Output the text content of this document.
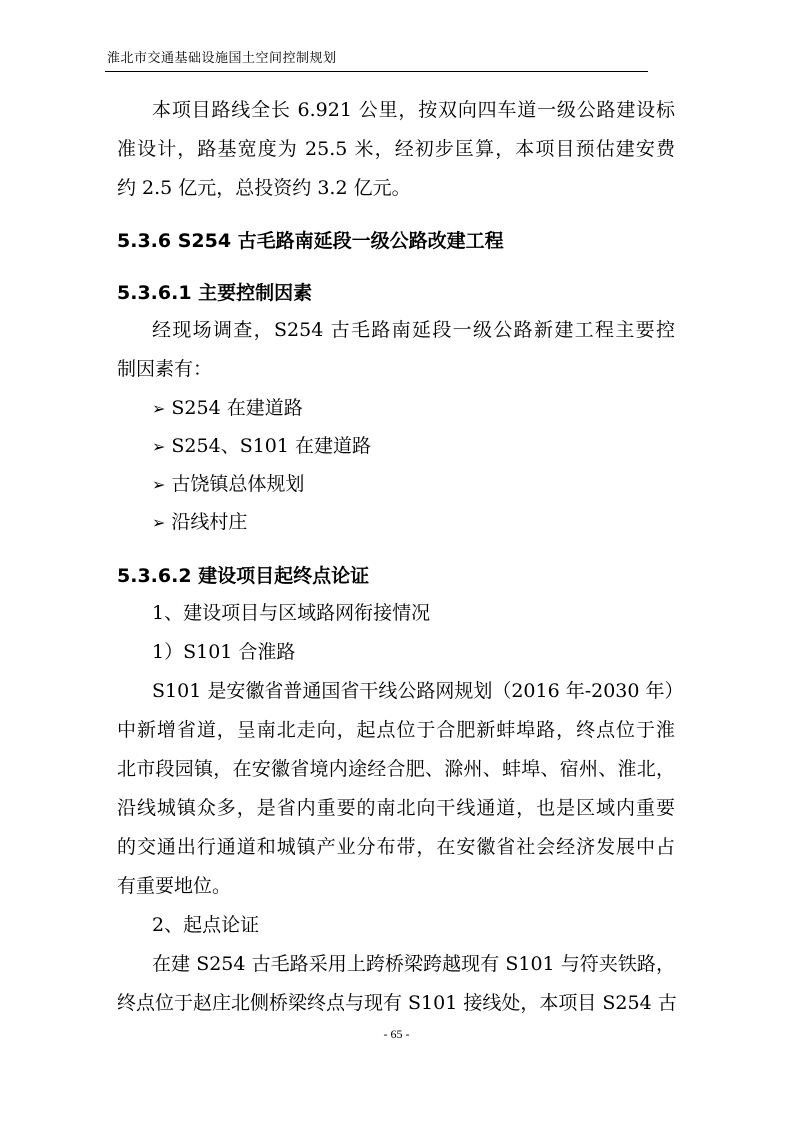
淮北市交通基础设施国土空间控制规划
本项目路线全长 6.921 公里，按双向四车道一级公路建设标
准设计，路基宽度为 25.5 米，经初步匡算，本项目预估建安费
约 2.5 亿元，总投资约 3.2 亿元。
5.3.6 S254 古毛路南延段一级公路改建工程
5.3.6.1 主要控制因素
经现场调查，S254 古毛路南延段一级公路新建工程主要控
制因素有：
➢ S254 在建道路
➢ S254、S101 在建道路
➢ 古饶镇总体规划
➢ 沿线村庄
5.3.6.2 建设项目起终点论证
1、建设项目与区域路网衔接情况
1）S101 合淮路
S101 是安徽省普通国省干线公路网规划（2016 年-2030 年）
中新增省道，呈南北走向，起点位于合肥新蚌埠路，终点位于淮
北市段园镇，在安徽省境内途经合肥、滁州、蚌埠、宿州、淮北，
沿线城镇众多，是省内重要的南北向干线通道，也是区域内重要
的交通出行通道和城镇产业分布带，在安徽省社会经济发展中占
有重要地位。
2、起点论证
在建 S254 古毛路采用上跨桥梁跨越现有 S101 与符夹铁路，
终点位于赵庄北侧桥梁终点与现有 S101 接线处，本项目 S254 古
- 65 -
